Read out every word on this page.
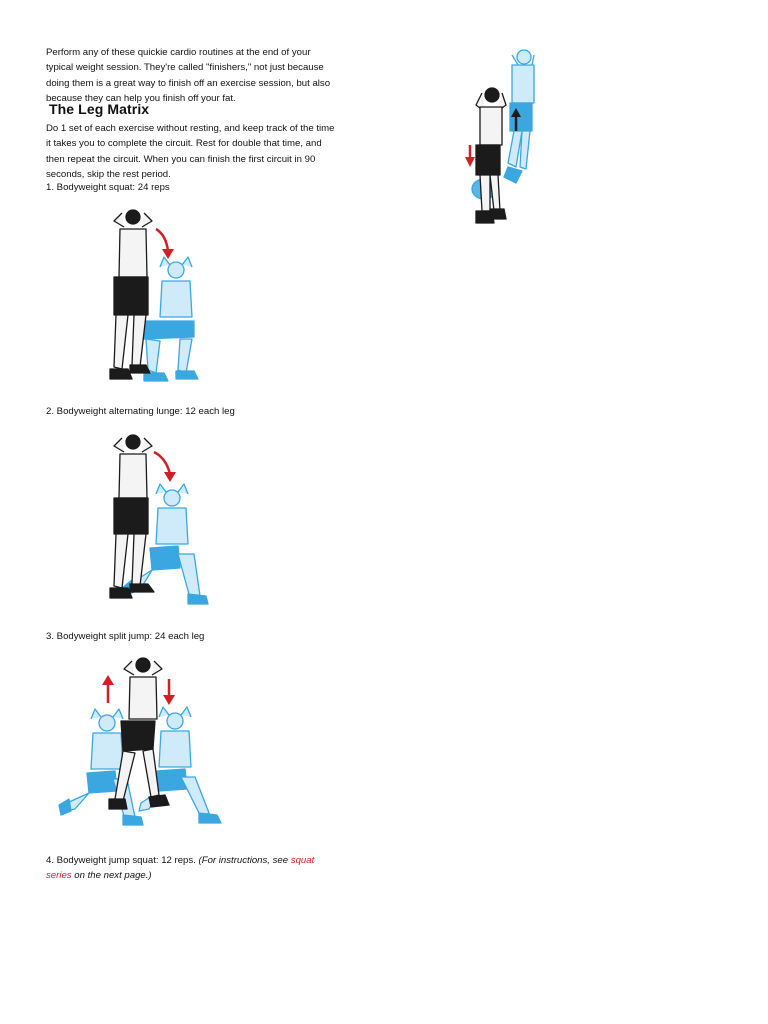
Perform any of these quickie cardio routines at the end of your
typical weight session. They're called "finishers," not just because
doing them is a great way to finish off an exercise session, but also
because they can help you finish off your fat.
The Leg Matrix
Do 1 set of each exercise without resting, and keep track of the time
it takes you to complete the circuit. Rest for double that time, and
then repeat the circuit. When you can finish the first circuit in 90
seconds, skip the rest period.
1. Bodyweight squat: 24 reps
2. Bodyweight alternating lunge: 12 each leg
3. Bodyweight split jump: 24 each leg
4. Bodyweight jump squat: 12 reps. (For instructions, see squat
series on the next page.)
